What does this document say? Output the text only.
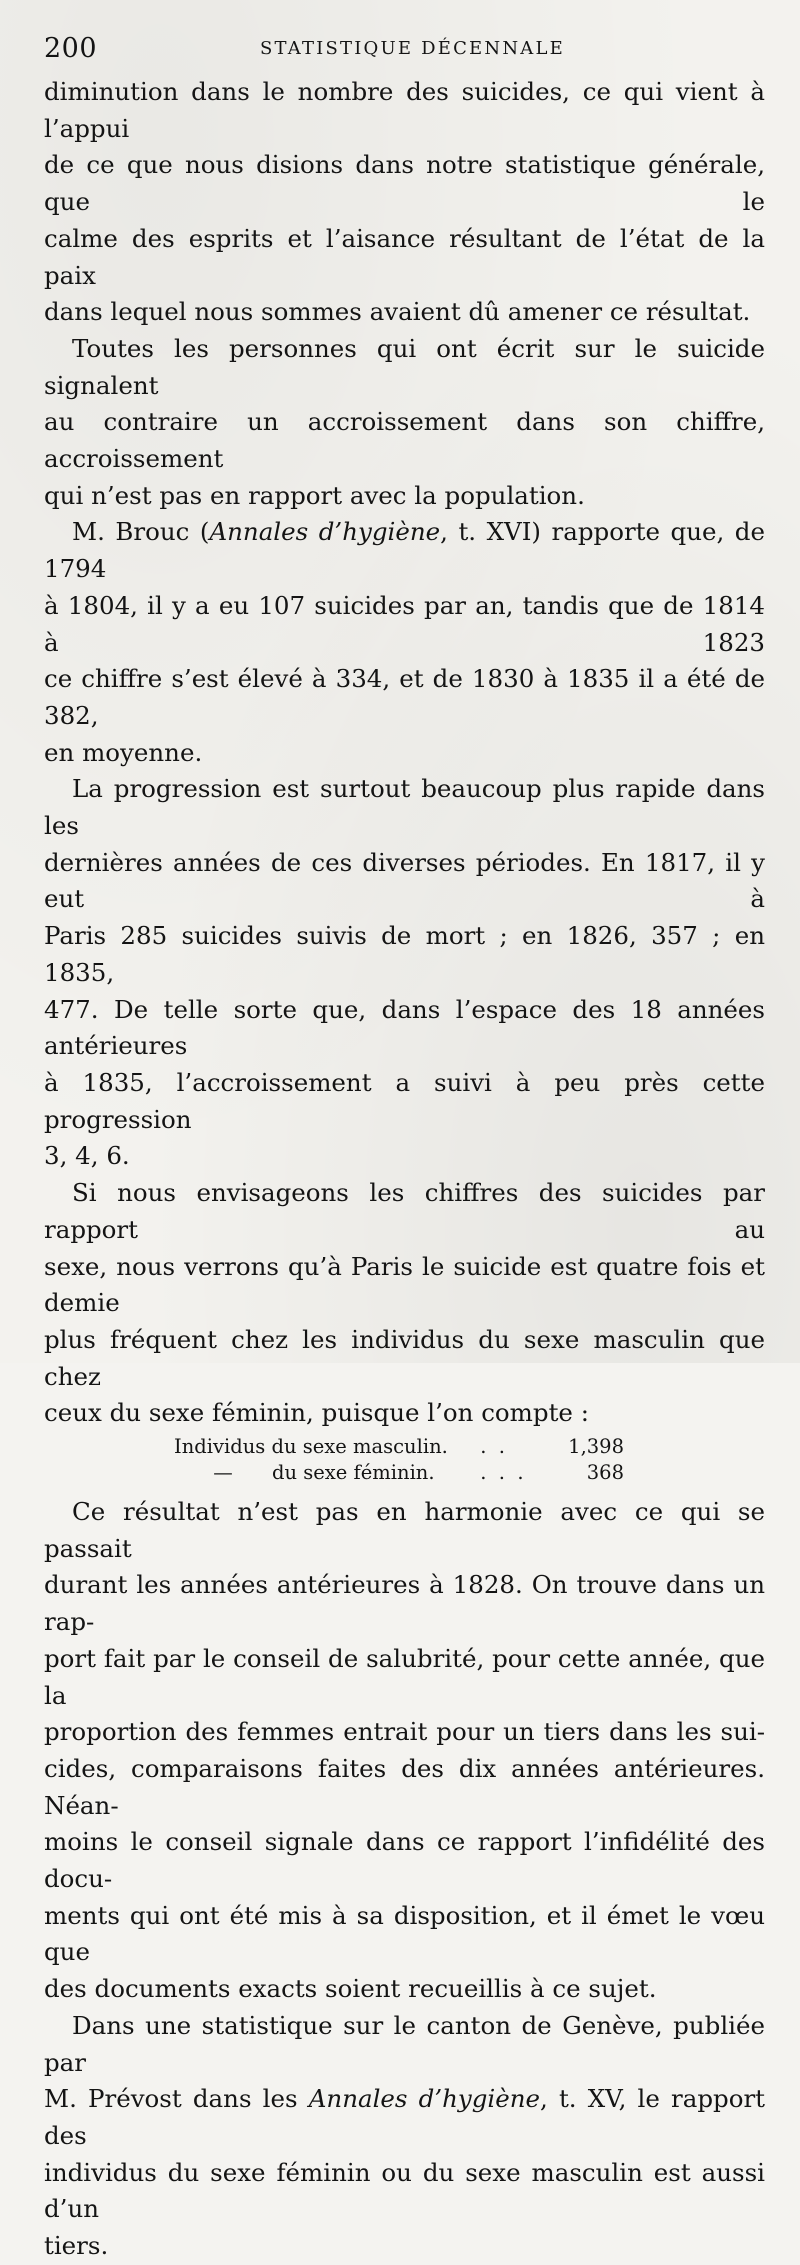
200	STATISTIQUE DÉCENNALE
diminution dans le nombre des suicides, ce qui vient à l’appui
de ce que nous disions dans notre statistique générale, que le
calme des esprits et l’aisance résultant de l’état de la paix
dans lequel nous sommes avaient dû amener ce résultat.
Toutes les personnes qui ont écrit sur le suicide signalent
au contraire un accroissement dans son chiffre, accroissement
qui n’est pas en rapport avec la population.
M. Brouc (Annales d’hygiène, t. XVI) rapporte que, de 1794
à 1804, il y a eu 107 suicides par an, tandis que de 1814 à 1823
ce chiffre s’est élevé à 334, et de 1830 à 1835 il a été de 382,
en moyenne.
La progression est surtout beaucoup plus rapide dans les
dernières années de ces diverses périodes. En 1817, il y eut à
Paris 285 suicides suivis de mort ; en 1826, 357 ; en 1835,
477. De telle sorte que, dans l’espace des 18 années antérieures
à 1835, l’accroissement a suivi à peu près cette progression
3, 4, 6.
Si nous envisageons les chiffres des suicides par rapport au
sexe, nous verrons qu’à Paris le suicide est quatre fois et demie
plus fréquent chez les individus du sexe masculin que chez
ceux du sexe féminin, puisque l’on compte :
Individus du sexe masculin.	.  .	1,398
— du sexe féminin.	.  .  .	368
Ce résultat n’est pas en harmonie avec ce qui se passait
durant les années antérieures à 1828. On trouve dans un rap-
port fait par le conseil de salubrité, pour cette année, que la
proportion des femmes entrait pour un tiers dans les sui-
cides, comparaisons faites des dix années antérieures. Néan-
moins le conseil signale dans ce rapport l’infidélité des docu-
ments qui ont été mis à sa disposition, et il émet le vœu que
des documents exacts soient recueillis à ce sujet.
Dans une statistique sur le canton de Genève, publiée par
M. Prévost dans les Annales d’hygiène, t. XV, le rapport des
individus du sexe féminin ou du sexe masculin est aussi d’un
tiers.
